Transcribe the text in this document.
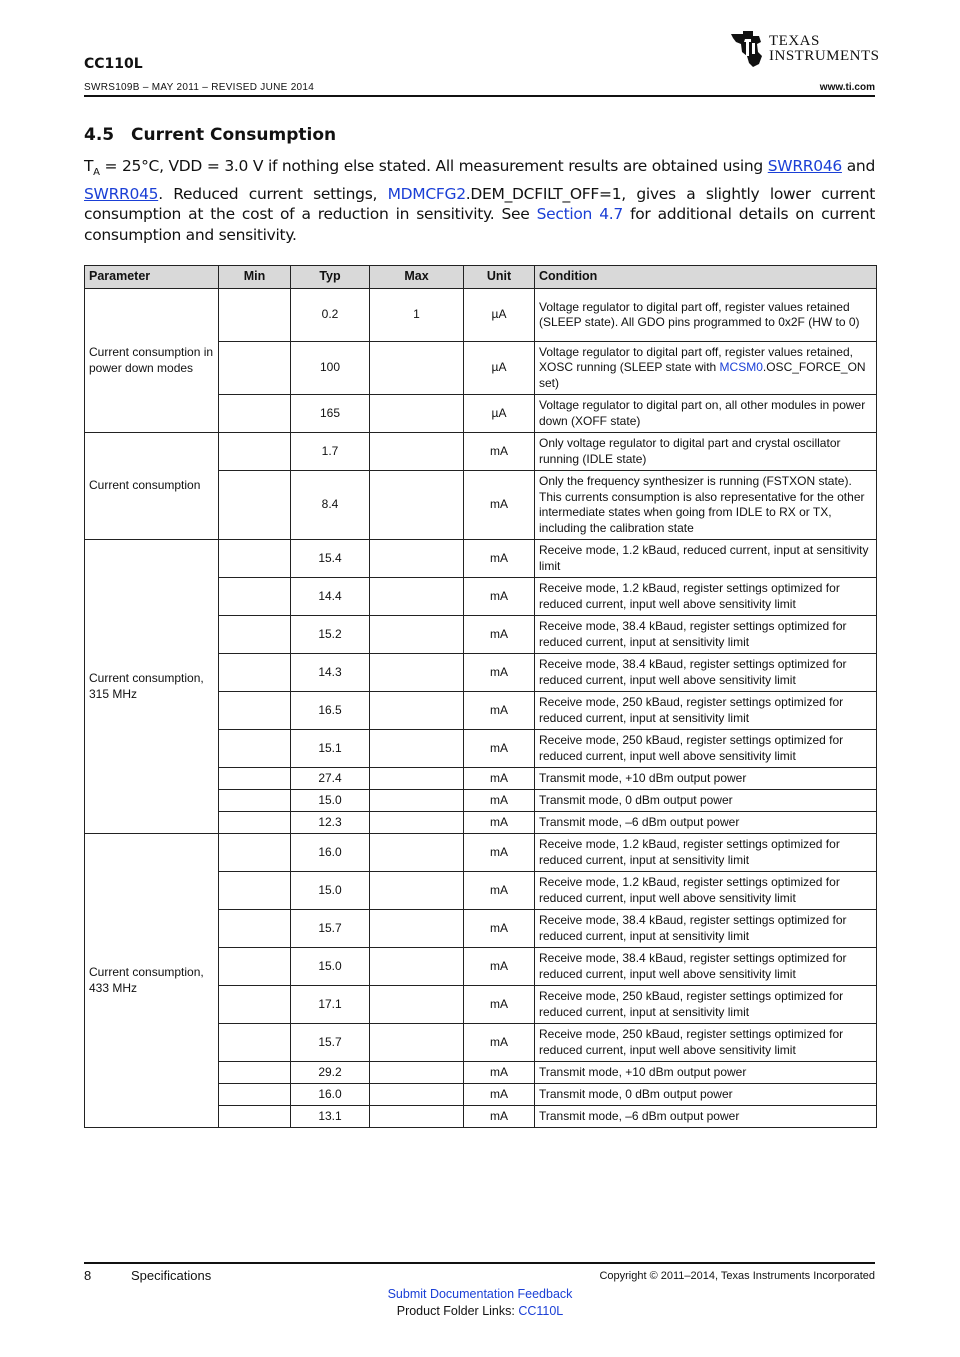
CC110L
SWRS109B – MAY 2011 – REVISED JUNE 2014	www.ti.com
TEXAS
INSTRUMENTS
4.5 Current Consumption
$T_A = 25^\circ C$, VDD = 3.0 V if nothing else stated. All measurement results are obtained using SWRR046 and SWRR045. Reduced current settings, MDMCFG2.DEM_DCFILT_OFF=1, gives a slightly lower current consumption at the cost of a reduction in sensitivity. See Section 4.7 for additional details on current consumption and sensitivity.
Parameter	Min	Typ	Max	Unit	Condition
Current consumption in power down modes		0.2	1	µA	Voltage regulator to digital part off, register values retained (SLEEP state). All GDO pins programmed to 0x2F (HW to 0)
		100		µA	Voltage regulator to digital part off, register values retained, XOSC running (SLEEP state with MCSM0.OSC_FORCE_ON set)
		165		µA	Voltage regulator to digital part on, all other modules in power down (XOFF state)
Current consumption		1.7		mA	Only voltage regulator to digital part and crystal oscillator running (IDLE state)
		8.4		mA	Only the frequency synthesizer is running (FSTXON state). This currents consumption is also representative for the other intermediate states when going from IDLE to RX or TX, including the calibration state
Current consumption, 315 MHz		15.4		mA	Receive mode, 1.2 kBaud, reduced current, input at sensitivity limit
		14.4		mA	Receive mode, 1.2 kBaud, register settings optimized for reduced current, input well above sensitivity limit
		15.2		mA	Receive mode, 38.4 kBaud, register settings optimized for reduced current, input at sensitivity limit
		14.3		mA	Receive mode, 38.4 kBaud, register settings optimized for reduced current, input well above sensitivity limit
		16.5		mA	Receive mode, 250 kBaud, register settings optimized for reduced current, input at sensitivity limit
		15.1		mA	Receive mode, 250 kBaud, register settings optimized for reduced current, input well above sensitivity limit
		27.4		mA	Transmit mode, +10 dBm output power
		15.0		mA	Transmit mode, 0 dBm output power
		12.3		mA	Transmit mode, –6 dBm output power
Current consumption, 433 MHz		16.0		mA	Receive mode, 1.2 kBaud, register settings optimized for reduced current, input at sensitivity limit
		15.0		mA	Receive mode, 1.2 kBaud, register settings optimized for reduced current, input well above sensitivity limit
		15.7		mA	Receive mode, 38.4 kBaud, register settings optimized for reduced current, input at sensitivity limit
		15.0		mA	Receive mode, 38.4 kBaud, register settings optimized for reduced current, input well above sensitivity limit
		17.1		mA	Receive mode, 250 kBaud, register settings optimized for reduced current, input at sensitivity limit
		15.7		mA	Receive mode, 250 kBaud, register settings optimized for reduced current, input well above sensitivity limit
		29.2		mA	Transmit mode, +10 dBm output power
		16.0		mA	Transmit mode, 0 dBm output power
		13.1		mA	Transmit mode, –6 dBm output power
8	Specifications	Copyright © 2011–2014, Texas Instruments Incorporated
Submit Documentation Feedback
Product Folder Links: CC110L
